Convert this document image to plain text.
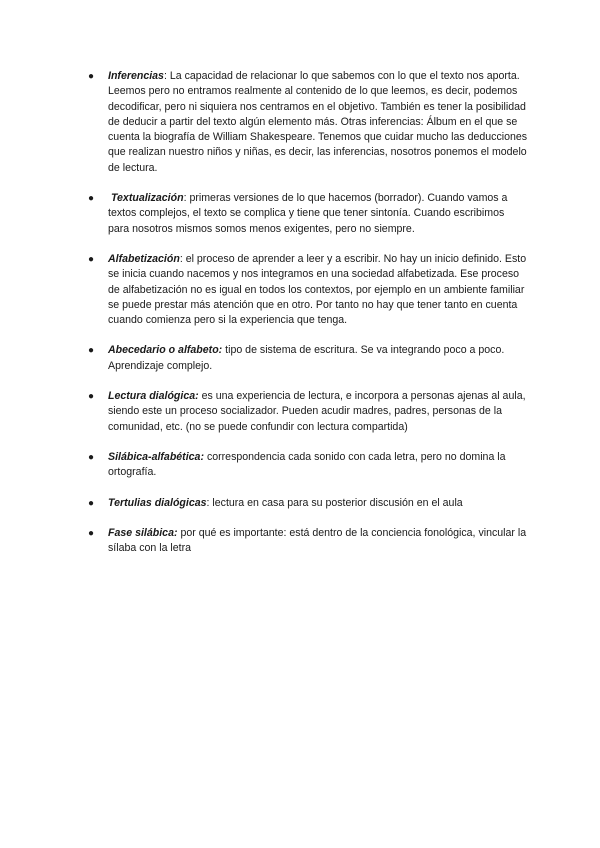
● Inferencias: La capacidad de relacionar lo que sabemos con lo que el texto nos aporta. Leemos pero no entramos realmente al contenido de lo que leemos, es decir, podemos decodificar, pero ni siquiera nos centramos en el objetivo. También es tener la posibilidad de deducir a partir del texto algún elemento más. Otras inferencias: Álbum en el que se cuenta la biografía de William Shakespeare. Tenemos que cuidar mucho las deducciones que realizan nuestro niños y niñas, es decir, las inferencias, nosotros ponemos el modelo de lectura.
● Textualización: primeras versiones de lo que hacemos (borrador). Cuando vamos a textos complejos, el texto se complica y tiene que tener sintonía. Cuando escribimos para nosotros mismos somos menos exigentes, pero no siempre.
● Alfabetización: el proceso de aprender a leer y a escribir. No hay un inicio definido. Esto se inicia cuando nacemos y nos integramos en una sociedad alfabetizada. Ese proceso de alfabetización no es igual en todos los contextos, por ejemplo en un ambiente familiar se puede prestar más atención que en otro. Por tanto no hay que tener tanto en cuenta cuando comienza pero si la experiencia que tenga.
● Abecedario o alfabeto: tipo de sistema de escritura. Se va integrando poco a poco. Aprendizaje complejo.
● Lectura dialógica: es una experiencia de lectura, e incorpora a personas ajenas al aula, siendo este un proceso socializador. Pueden acudir madres, padres, personas de la comunidad, etc. (no se puede confundir con lectura compartida)
● Silábica-alfabética: correspondencia cada sonido con cada letra, pero no domina la ortografía.
● Tertulias dialógicas: lectura en casa para su posterior discusión en el aula
● Fase silábica: por qué es importante: está dentro de la conciencia fonológica, vincular la sílaba con la letra
